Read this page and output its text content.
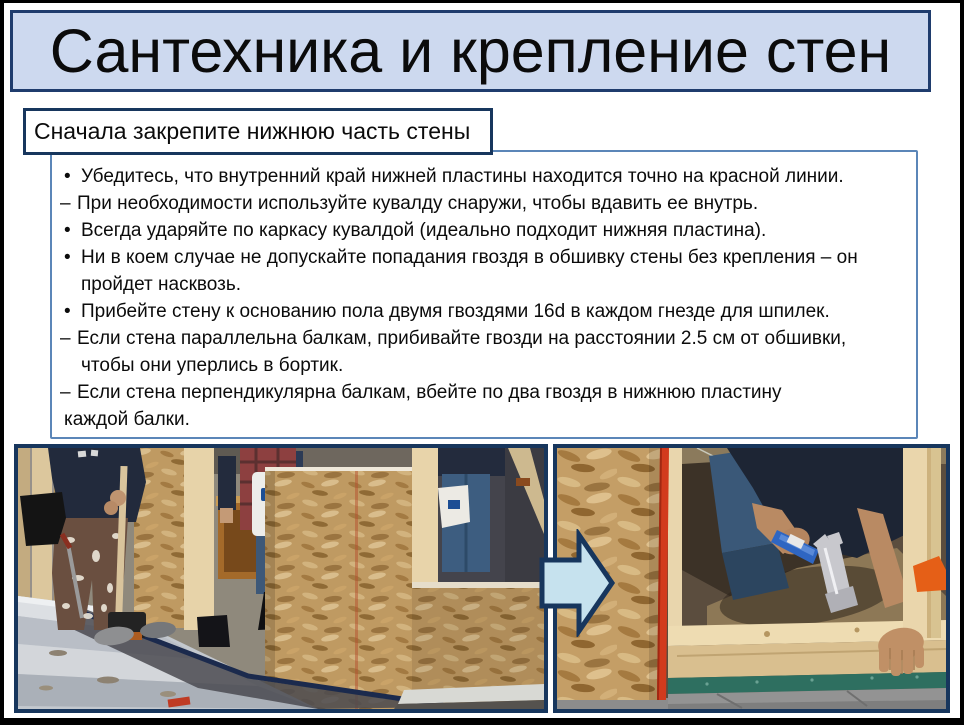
Сантехника и крепление стен
Сначала закрепите нижнюю часть стены
• Убедитесь, что внутренний край нижней пластины находится точно на красной линии.
– При необходимости используйте кувалду снаружи, чтобы вдавить ее внутрь.
• Всегда ударяйте по каркасу кувалдой (идеально подходит нижняя пластина).
• Ни в коем случае не допускайте попадания гвоздя в обшивку стены без крепления – он
пройдет насквозь.
• Прибейте стену к основанию пола двумя гвоздями 16d в каждом гнезде для шпилек.
– Если стена параллельна балкам, прибивайте гвозди на расстоянии 2.5 см от обшивки,
чтобы они уперлись в бортик.
– Если стена перпендикулярна балкам, вбейте по два гвоздя в нижнюю пластину
каждой балки.
